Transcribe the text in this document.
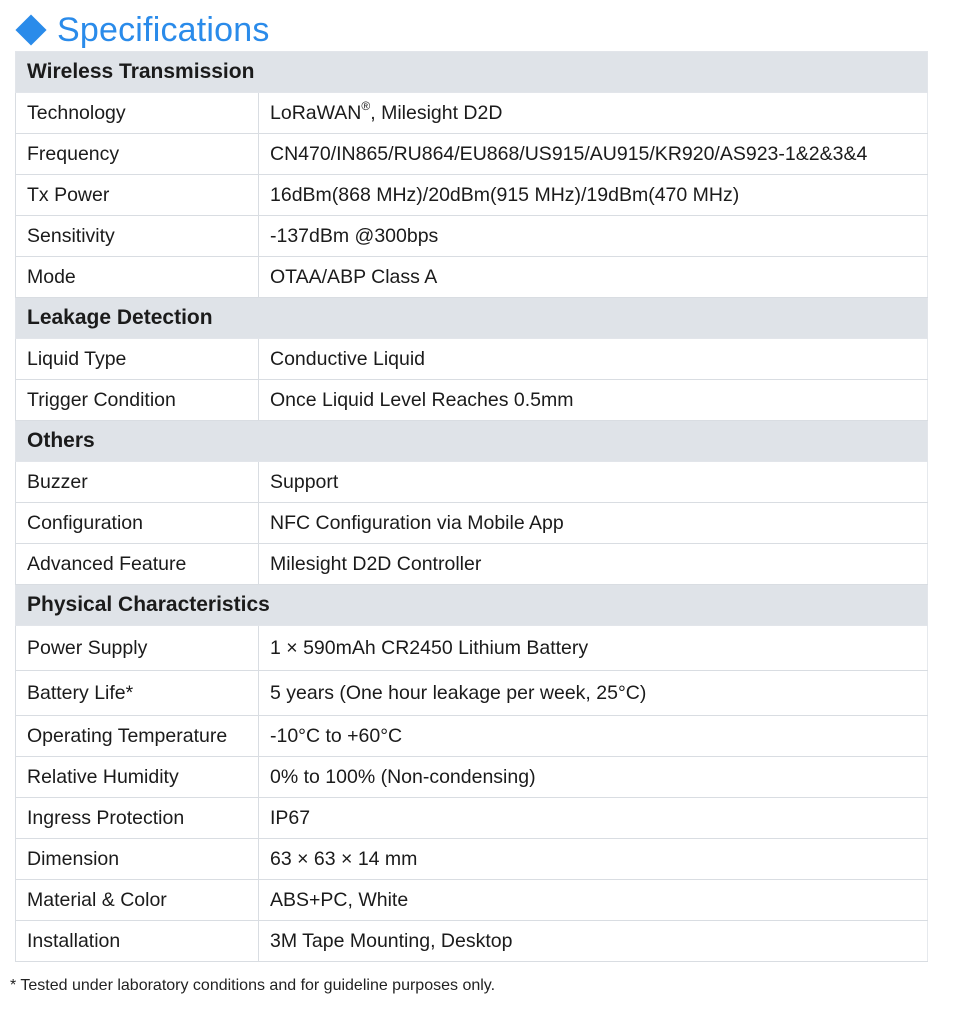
Specifications
Wireless Transmission	
Technology	LoRaWAN®, Milesight D2D
Frequency	CN470/IN865/RU864/EU868/US915/AU915/KR920/AS923-1&2&3&4
Tx Power	16dBm(868 MHz)/20dBm(915 MHz)/19dBm(470 MHz)
Sensitivity	-137dBm @300bps
Mode	OTAA/ABP Class A
Leakage Detection	
Liquid Type	Conductive Liquid
Trigger Condition	Once Liquid Level Reaches 0.5mm
Others	
Buzzer	Support
Configuration	NFC Configuration via Mobile App
Advanced Feature	Milesight D2D Controller
Physical Characteristics	
Power Supply	1 × 590mAh CR2450 Lithium Battery
Battery Life*	5 years (One hour leakage per week, 25°C)
Operating Temperature	-10°C to +60°C
Relative Humidity	0% to 100% (Non-condensing)
Ingress Protection	IP67
Dimension	63 × 63 × 14 mm
Material & Color	ABS+PC, White
Installation	3M Tape Mounting, Desktop
* Tested under laboratory conditions and for guideline purposes only.
